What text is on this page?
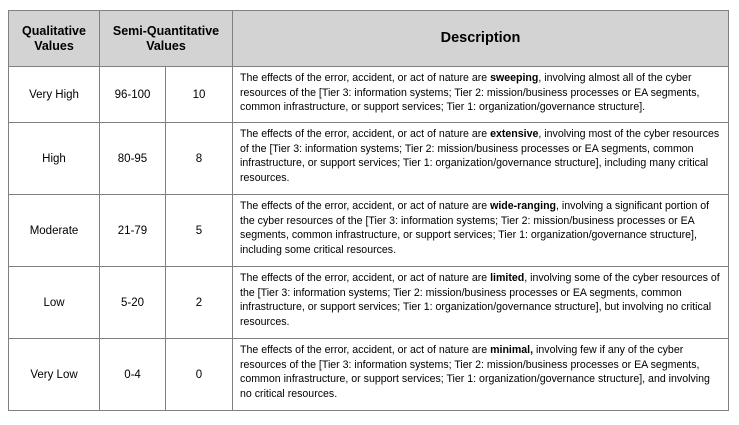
Qualitative Values	Semi-Quantitative Values		Description
Very High	96-100	10	The effects of the error, accident, or act of nature are sweeping, involving almost all of the cyber resources of the [Tier 3: information systems; Tier 2: mission/business processes or EA segments, common infrastructure, or support services; Tier 1: organization/governance structure].
High	80-95	8	The effects of the error, accident, or act of nature are extensive, involving most of the cyber resources of the [Tier 3: information systems; Tier 2: mission/business processes or EA segments, common infrastructure, or support services; Tier 1: organization/governance structure], including many critical resources.
Moderate	21-79	5	The effects of the error, accident, or act of nature are wide-ranging, involving a significant portion of the cyber resources of the [Tier 3: information systems; Tier 2: mission/business processes or EA segments, common infrastructure, or support services; Tier 1: organization/governance structure], including some critical resources.
Low	5-20	2	The effects of the error, accident, or act of nature are limited, involving some of the cyber resources of the [Tier 3: information systems; Tier 2: mission/business processes or EA segments, common infrastructure, or support services; Tier 1: organization/governance structure], but involving no critical resources.
Very Low	0-4	0	The effects of the error, accident, or act of nature are minimal, involving few if any of the cyber resources of the [Tier 3: information systems; Tier 2: mission/business processes or EA segments, common infrastructure, or support services; Tier 1: organization/governance structure], and involving no critical resources.
